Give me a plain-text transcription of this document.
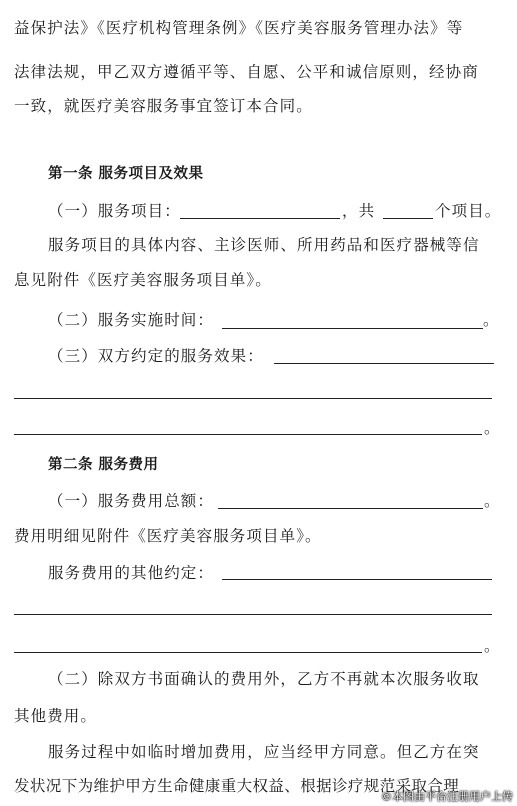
益保护法》《医疗机构管理条例》《医疗美容服务管理办法》等
法律法规，甲乙双方遵循平等、自愿、公平和诚信原则，经协商
一致，就医疗美容服务事宜签订本合同。
第一条 服务项目及效果
（一）服务项目：	，共	个项目。
服务项目的具体内容、主诊医师、所用药品和医疗器械等信
息见附件《医疗美容服务项目单》。
（二）服务实施时间：	。
（三）双方约定的服务效果：
。
第二条 服务费用
（一）服务费用总额：	。
费用明细见附件《医疗美容服务项目单》。
服务费用的其他约定：
。
（二）除双方书面确认的费用外，乙方不再就本次服务收取
其他费用。
服务过程中如临时增加费用，应当经甲方同意。但乙方在突
发状况下为维护甲方生命健康重大权益、根据诊疗规范采取合理
©本图由平台注册用户上传
